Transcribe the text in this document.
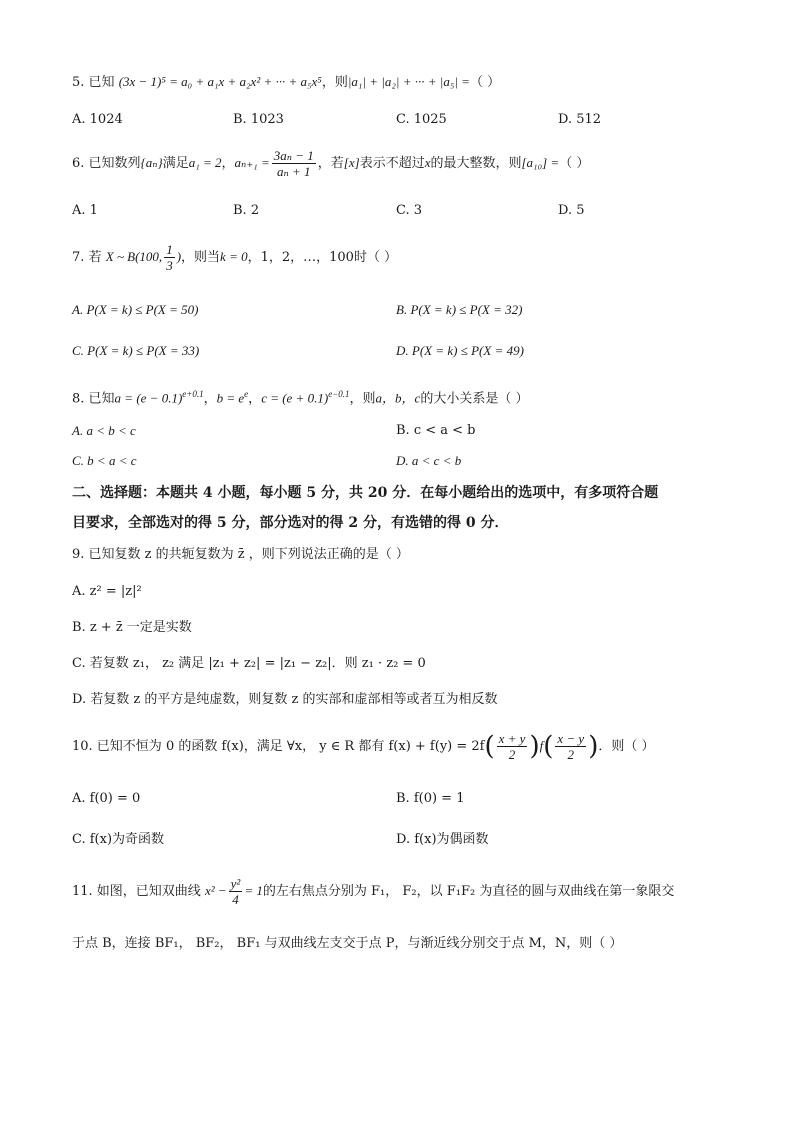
5. 已知 (3x − 1)⁵ = a₀ + a₁x + a₂x² + ··· + a₅x⁵，则|a₁| + |a₂| + ··· + |a₅| =（ ）
A. 1024	B. 1023	C. 1025	D. 512
6. 已知数列{aₙ}满足a₁ = 2，$a_{n+1} = \frac{\text{3aₙ − 1}}{\text{aₙ + 1}}$ ，若[x]表示不超过x的最大整数，则[a₁₀] =（ ）
A. 1	B. 2	C. 3	D. 5
7. 若 X ~ B(100, $\frac{1}{3}$ )，则当k = 0，1，2，…，100时（ ）
A. P(X = k) ≤ P(X = 50)	B. P(X = k) ≤ P(X = 32)
C. P(X = k) ≤ P(X = 33)	D. P(X = k) ≤ P(X = 49)
8. 已知$a = (e - 0.1)^{e+0.1}$，$b = e^e$，$c = (e + 0.1)^{e-0.1}$，则a，b，c的大小关系是（ ）
A. a < b < c	B. c < a < b
C. b < a < c	D. a < c < b
二、选择题：本题共 4 小题，每小题 5 分，共 20 分．在每小题给出的选项中，有多项符合题
目要求，全部选对的得 5 分，部分选对的得 2 分，有选错的得 0 分．
9. 已知复数 z 的共轭复数为 z̄ ，则下列说法正确的是（ ）
A. z² = |z|²
B. z + z̄ 一定是实数
C. 若复数 z₁， z₂ 满足 |z₁ + z₂| = |z₁ − z₂|．则 z₁ · z₂ = 0
D. 若复数 z 的平方是纯虚数，则复数 z 的实部和虚部相等或者互为相反数
10. 已知不恒为 0 的函数 f(x)，满足 ∀x， y ∈ R 都有 $f(x) + f(y) = 2f( \frac{x + y}{2} )f( \frac{x - y}{2}$ )．则（ ）
A. f(0) = 0	B. f(0) = 1
C. f(x)为奇函数	D. f(x)为偶函数
11. 如图，已知双曲线 $x^2 - \frac{\text{y²}}{4} = 1$的左右焦点分别为 F₁， F₂，以 F₁F₂ 为直径的圆与双曲线在第一象限交
于点 B，连接 BF₁， BF₂， BF₁ 与双曲线左支交于点 P，与渐近线分别交于点 M，N，则（ ）
